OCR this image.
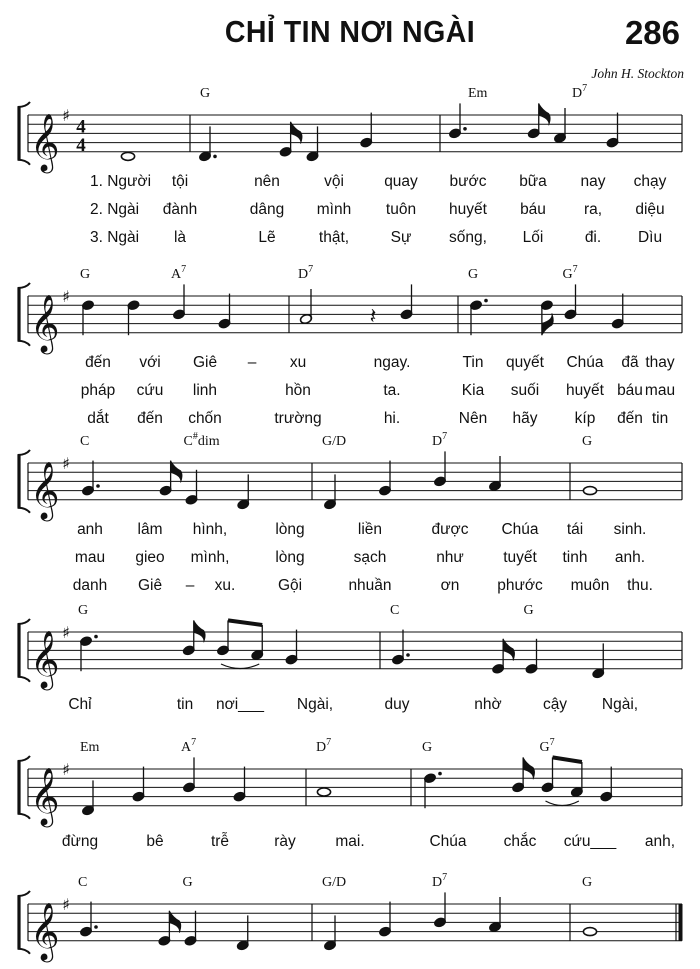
CHỈ TIN NƠI NGÀI	286
John H. Stockton
𝄞 ♯
4
4
G	Em	$D^7$
1. Người tội	nên	vội	quay bước bữa nay chạy
2. Ngài đành	dâng mình tuôn huyết báu ra, diệu
3. Ngài là	Lẽ	thật,	Sự sống, Lối	đi. Dìu
𝄞 ♯
𝄽
G	$A^7$	$D^7$	G	$G^7$
đến với Giê – xu	ngay.	Tin quyết Chúa đã thay
pháp cứu linh	hồn	ta.	Kia suối huyết báu mau
dắt đến chốn	trường	hi.	Nên hãy kíp đến tin
𝄞 ♯
C	C#dim	G/D	$D^7$	G
anh lâm hình,	lòng	liền	được Chúa tái sinh.
mau gieo mình,	lòng	sạch	như	tuyết tinh anh.
danh Giê – xu.	Gội	nhuần	ơn phước muôn thu.
𝄞 ♯
G	C	G
Chỉ	tin nơi___ Ngài,	duy	nhờ	cậy Ngài,
𝄞 ♯
Em	$A^7$	$D^7$	G	$G^7$
đừng	bê	trễ	rày	mai.	Chúa chắc cứu___ anh,
𝄞 ♯
C	G	G/D	$D^7$	G
